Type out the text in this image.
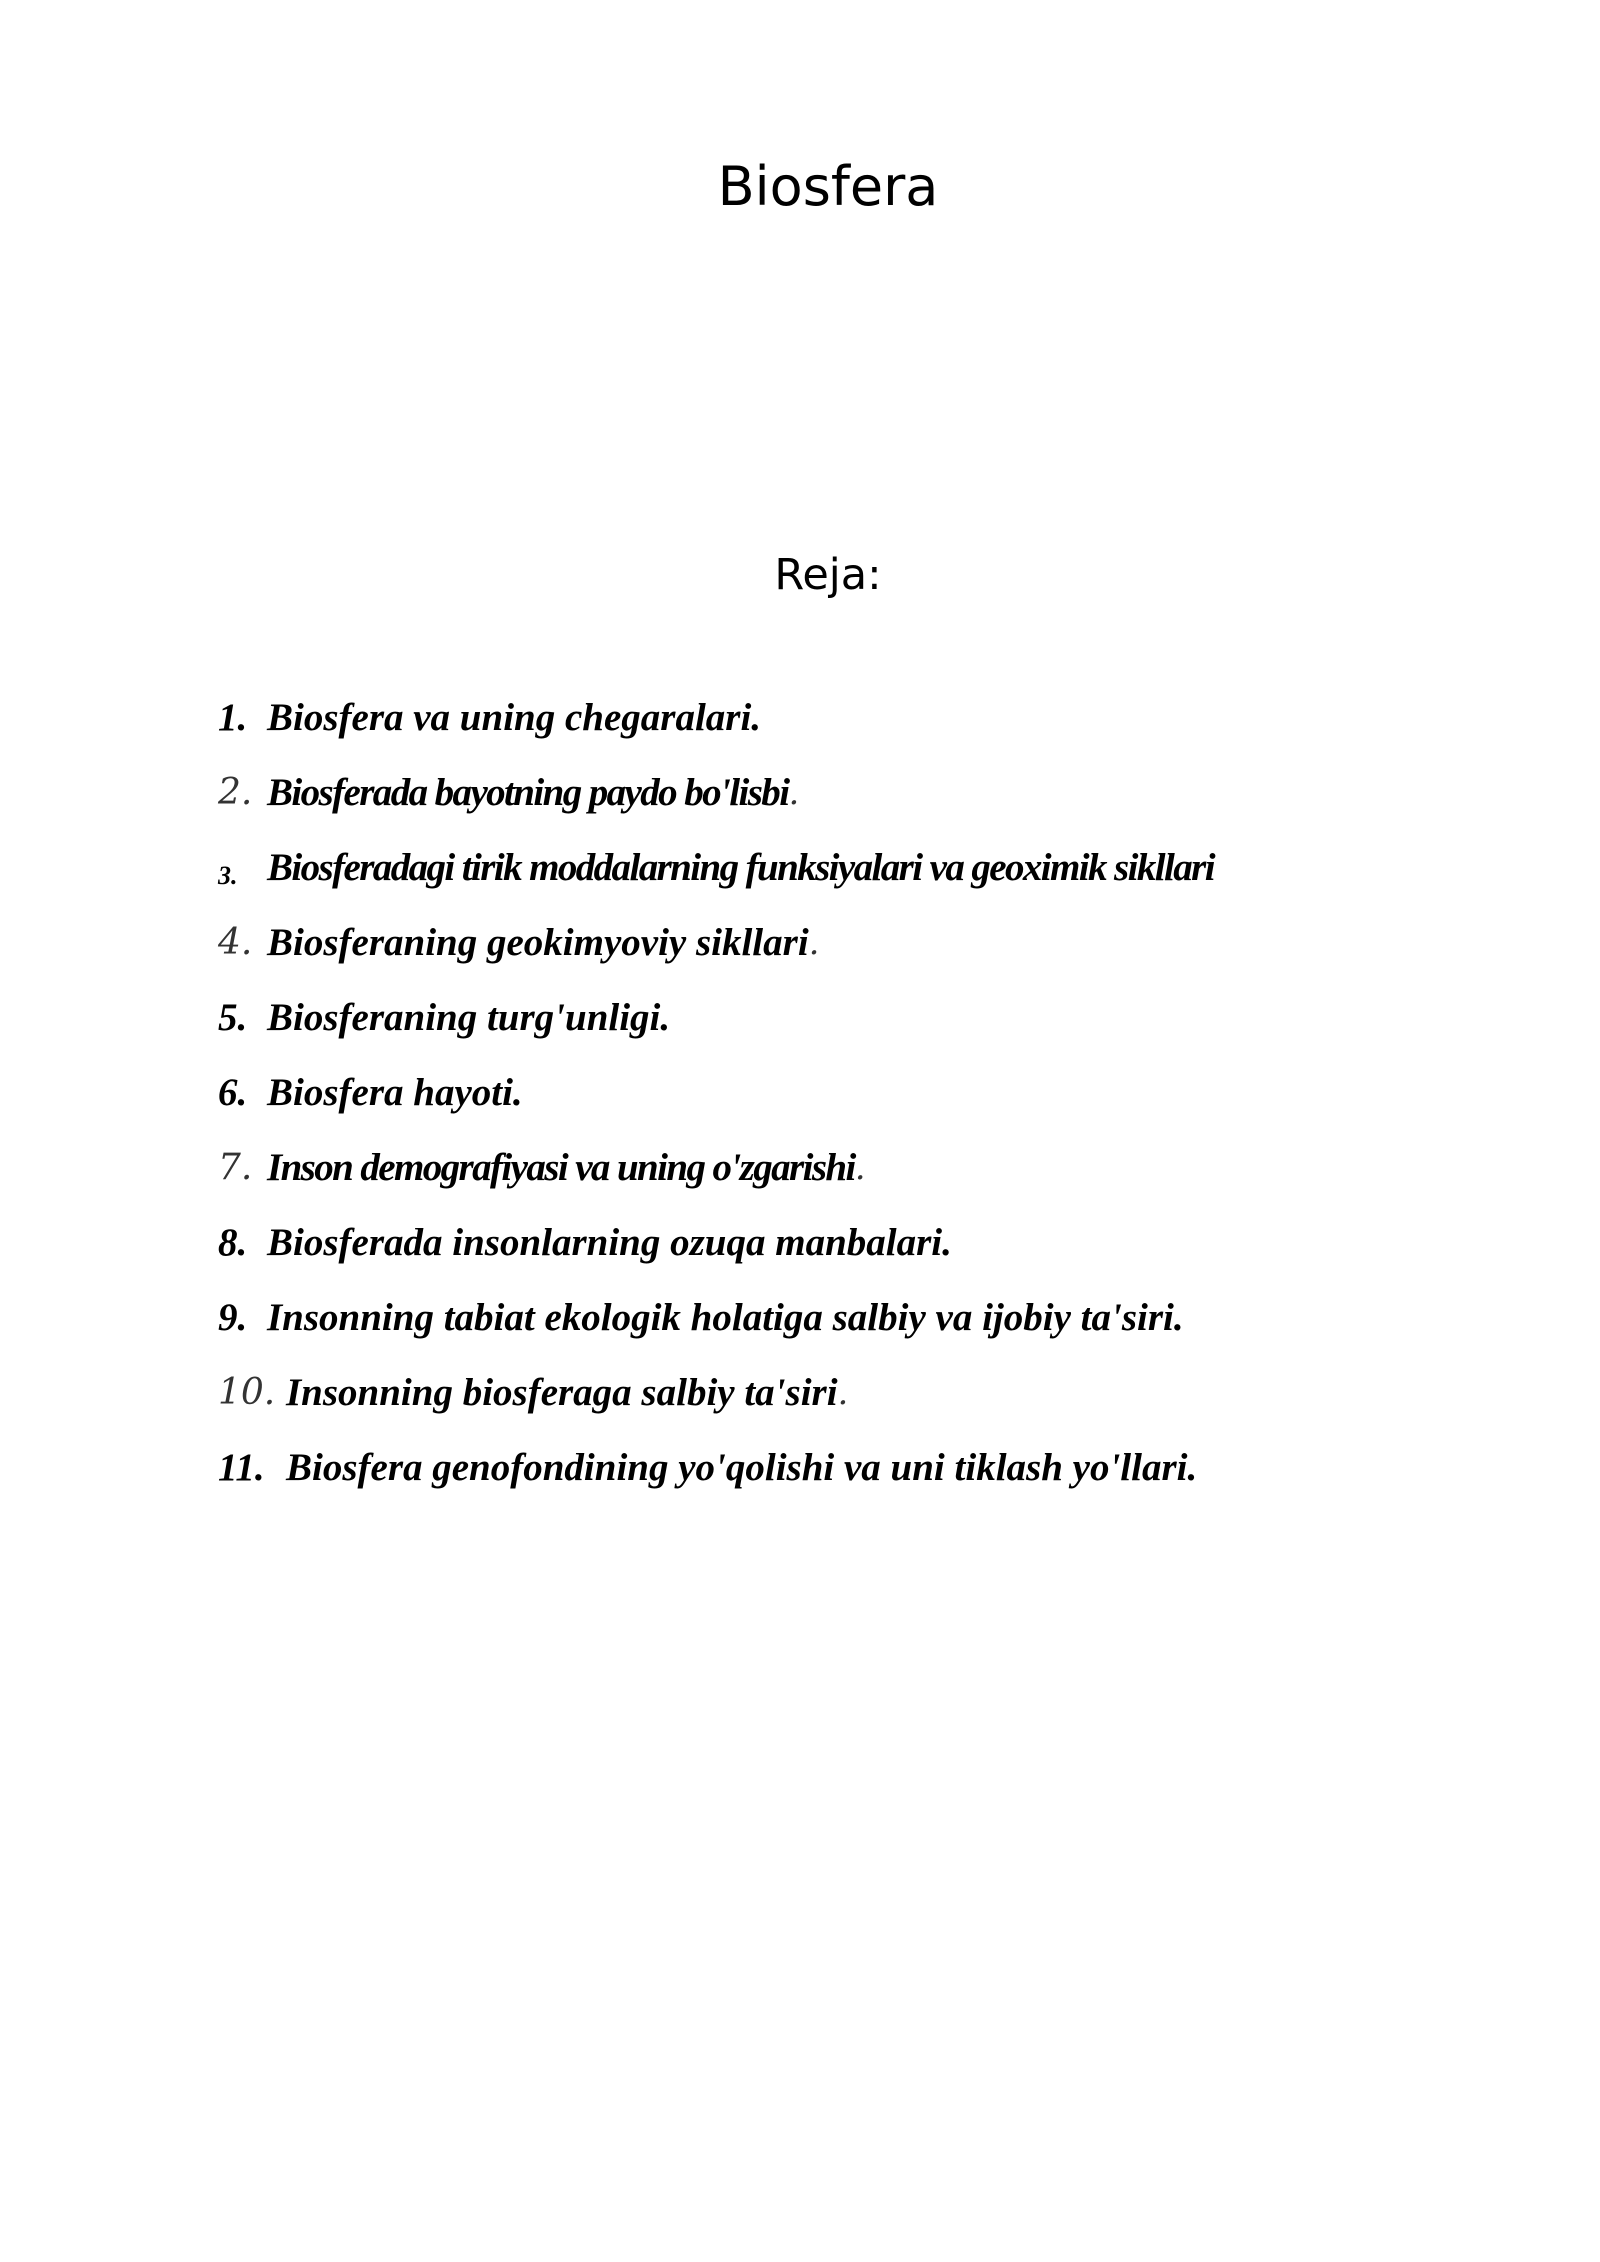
Biosfera
Reja:
1. Biosfera va uning chegaralari.
2. Biosferada bayotning paydo bo'lisbi .
3. Biosferadagi tirik moddalarning funksiyalari va geoximik sikllari
4. Biosferaning geokimyoviy sikllari .
5. Biosferaning turg'unligi.
6. Biosfera hayoti.
7. Inson demografiyasi va uning o'zgarishi .
8. Biosferada insonlarning ozuqa manbalari.
9. Insonning tabiat ekologik holatiga salbiy va ijobiy ta'siri.
10. Insonning biosferaga salbiy ta'siri .
11. Biosfera genofondining yo'qolishi va uni tiklash yo'llari.
